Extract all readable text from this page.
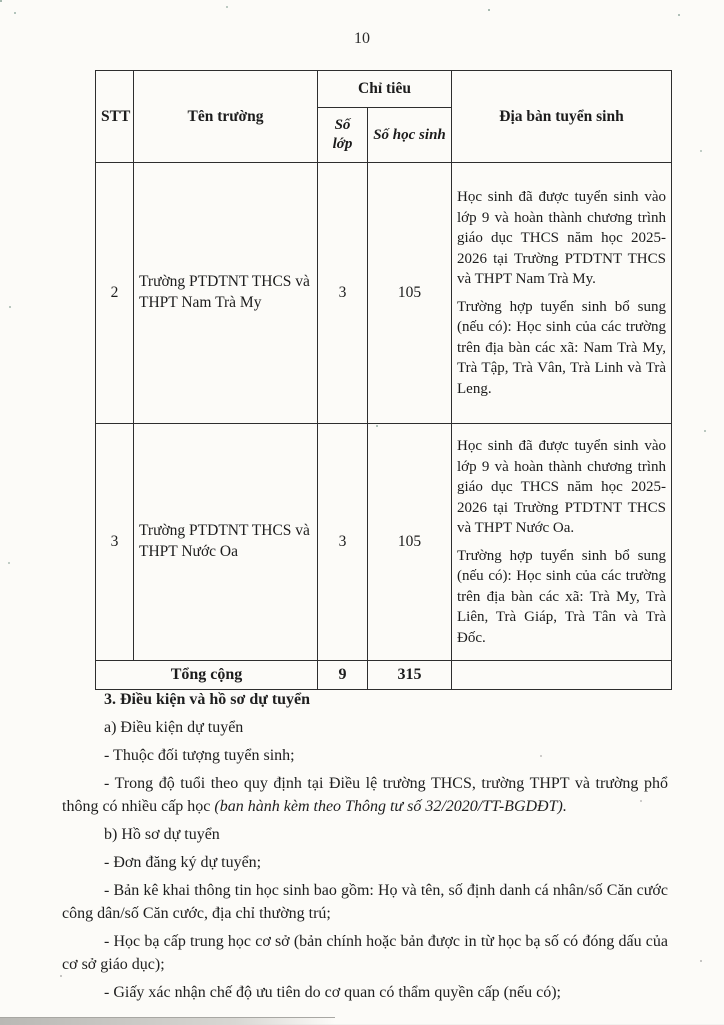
10
STT	Tên trường	Chỉ tiêu		Địa bàn tuyển sinh
		Số lớp	Số học sinh	
2	Trường PTDTNT THCS và THPT Nam Trà My	3	105	Học sinh đã được tuyển sinh vào lớp 9 và hoàn thành chương trình giáo dục THCS năm học 2025-2026 tại Trường PTDTNT THCS và THPT Nam Trà My.

Trường hợp tuyển sinh bổ sung (nếu có): Học sinh của các trường trên địa bàn các xã: Nam Trà My, Trà Tập, Trà Vân, Trà Linh và Trà Leng.

3	Trường PTDTNT THCS và THPT Nước Oa	3	105	Học sinh đã được tuyển sinh vào lớp 9 và hoàn thành chương trình giáo dục THCS năm học 2025-2026 tại Trường PTDTNT THCS và THPT Nước Oa.

Trường hợp tuyển sinh bổ sung (nếu có): Học sinh của các trường trên địa bàn các xã: Trà My, Trà Liên, Trà Giáp, Trà Tân và Trà Đốc.

Tổng cộng		9	315	

3. Điều kiện và hồ sơ dự tuyển

a) Điều kiện dự tuyển

- Thuộc đối tượng tuyển sinh;

- Trong độ tuổi theo quy định tại Điều lệ trường THCS, trường THPT và trường phổ thông có nhiều cấp học (ban hành kèm theo Thông tư số 32/2020/TT-BGDĐT).

b) Hồ sơ dự tuyển

- Đơn đăng ký dự tuyển;

- Bản kê khai thông tin học sinh bao gồm: Họ và tên, số định danh cá nhân/số Căn cước công dân/số Căn cước, địa chỉ thường trú;

- Học bạ cấp trung học cơ sở (bản chính hoặc bản được in từ học bạ số có đóng dấu của cơ sở giáo dục);

- Giấy xác nhận chế độ ưu tiên do cơ quan có thẩm quyền cấp (nếu có);
